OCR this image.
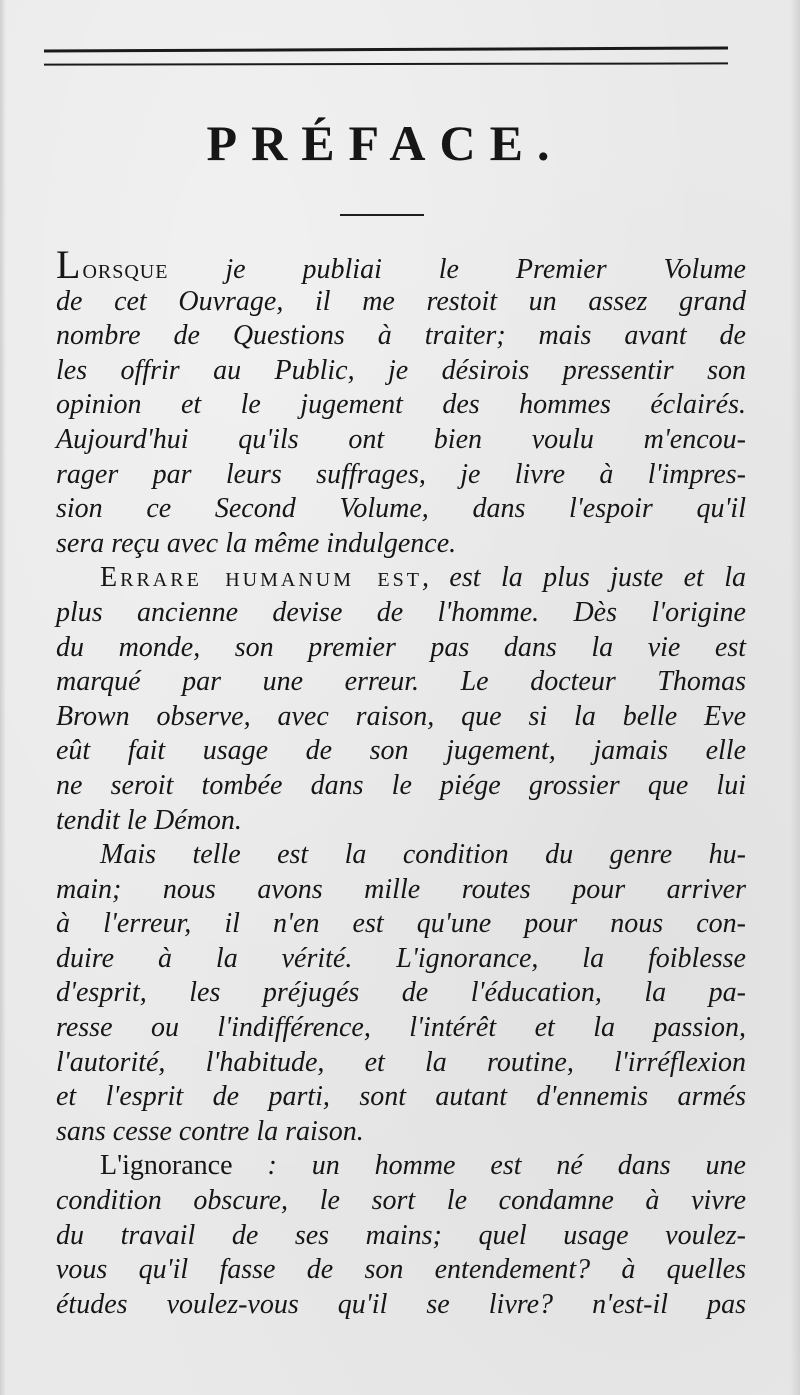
PRÉFACE.
Lorsque je publiai le Premier Volume
de cet Ouvrage, il me restoit un assez grand
nombre de Questions à traiter; mais avant de
les offrir au Public, je désirois pressentir son
opinion et le jugement des hommes éclairés.
Aujourd'hui qu'ils ont bien voulu m'encou-
rager par leurs suffrages, je livre à l'impres-
sion ce Second Volume, dans l'espoir qu'il
sera reçu avec la même indulgence.
Errare humanum est, est la plus juste et la
plus ancienne devise de l'homme. Dès l'origine
du monde, son premier pas dans la vie est
marqué par une erreur. Le docteur Thomas
Brown observe, avec raison, que si la belle Eve
eût fait usage de son jugement, jamais elle
ne seroit tombée dans le piége grossier que lui
tendit le Démon.
Mais telle est la condition du genre hu-
main; nous avons mille routes pour arriver
à l'erreur, il n'en est qu'une pour nous con-
duire à la vérité. L'ignorance, la foiblesse
d'esprit, les préjugés de l'éducation, la pa-
resse ou l'indifférence, l'intérêt et la passion,
l'autorité, l'habitude, et la routine, l'irréflexion
et l'esprit de parti, sont autant d'ennemis armés
sans cesse contre la raison.
L'ignorance : un homme est né dans une
condition obscure, le sort le condamne à vivre
du travail de ses mains; quel usage voulez-
vous qu'il fasse de son entendement? à quelles
études voulez-vous qu'il se livre? n'est-il pas
